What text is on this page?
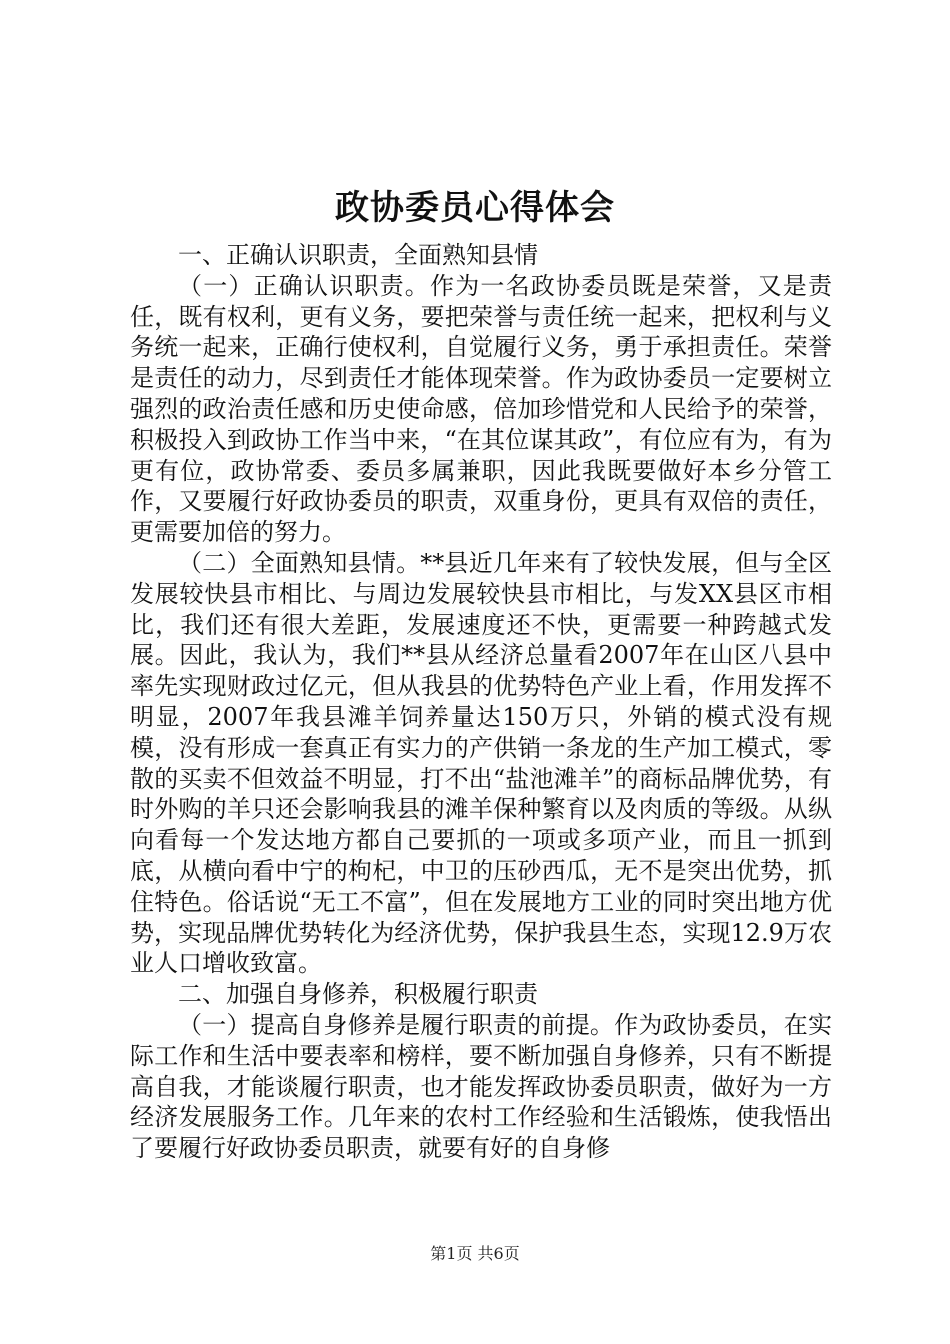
政协委员心得体会

一、正确认识职责，全面熟知县情

（一）正确认识职责。作为一名政协委员既是荣誉，又是责任，既有权利，更有义务，要把荣誉与责任统一起来，把权利与义务统一起来，正确行使权利，自觉履行义务，勇于承担责任。荣誉是责任的动力，尽到责任才能体现荣誉。作为政协委员一定要树立强烈的政治责任感和历史使命感，倍加珍惜党和人民给予的荣誉，积极投入到政协工作当中来，“在其位谋其政”，有位应有为，有为更有位，政协常委、委员多属兼职，因此我既要做好本乡分管工作，又要履行好政协委员的职责，双重身份，更具有双倍的责任，更需要加倍的努力。

（二）全面熟知县情。**县近几年来有了较快发展，但与全区发展较快县市相比、与周边发展较快县市相比，与发XX县区市相比，我们还有很大差距，发展速度还不快，更需要一种跨越式发展。因此，我认为，我们**县从经济总量看2007年在山区八县中率先实现财政过亿元，但从我县的优势特色产业上看，作用发挥不明显，2007年我县滩羊饲养量达150万只，外销的模式没有规模，没有形成一套真正有实力的产供销一条龙的生产加工模式，零散的买卖不但效益不明显，打不出“盐池滩羊”的商标品牌优势，有时外购的羊只还会影响我县的滩羊保种繁育以及肉质的等级。从纵向看每一个发达地方都自己要抓的一项或多项产业，而且一抓到底，从横向看中宁的枸杞，中卫的压砂西瓜，无不是突出优势，抓住特色。俗话说“无工不富”，但在发展地方工业的同时突出地方优势，实现品牌优势转化为经济优势，保护我县生态，实现12.9万农业人口增收致富。

二、加强自身修养，积极履行职责

（一）提高自身修养是履行职责的前提。作为政协委员，在实际工作和生活中要表率和榜样，要不断加强自身修养，只有不断提高自我，才能谈履行职责，也才能发挥政协委员职责，做好为一方经济发展服务工作。几年来的农村工作经验和生活锻炼，使我悟出了要履行好政协委员职责，就要有好的自身修

第1页 共6页
